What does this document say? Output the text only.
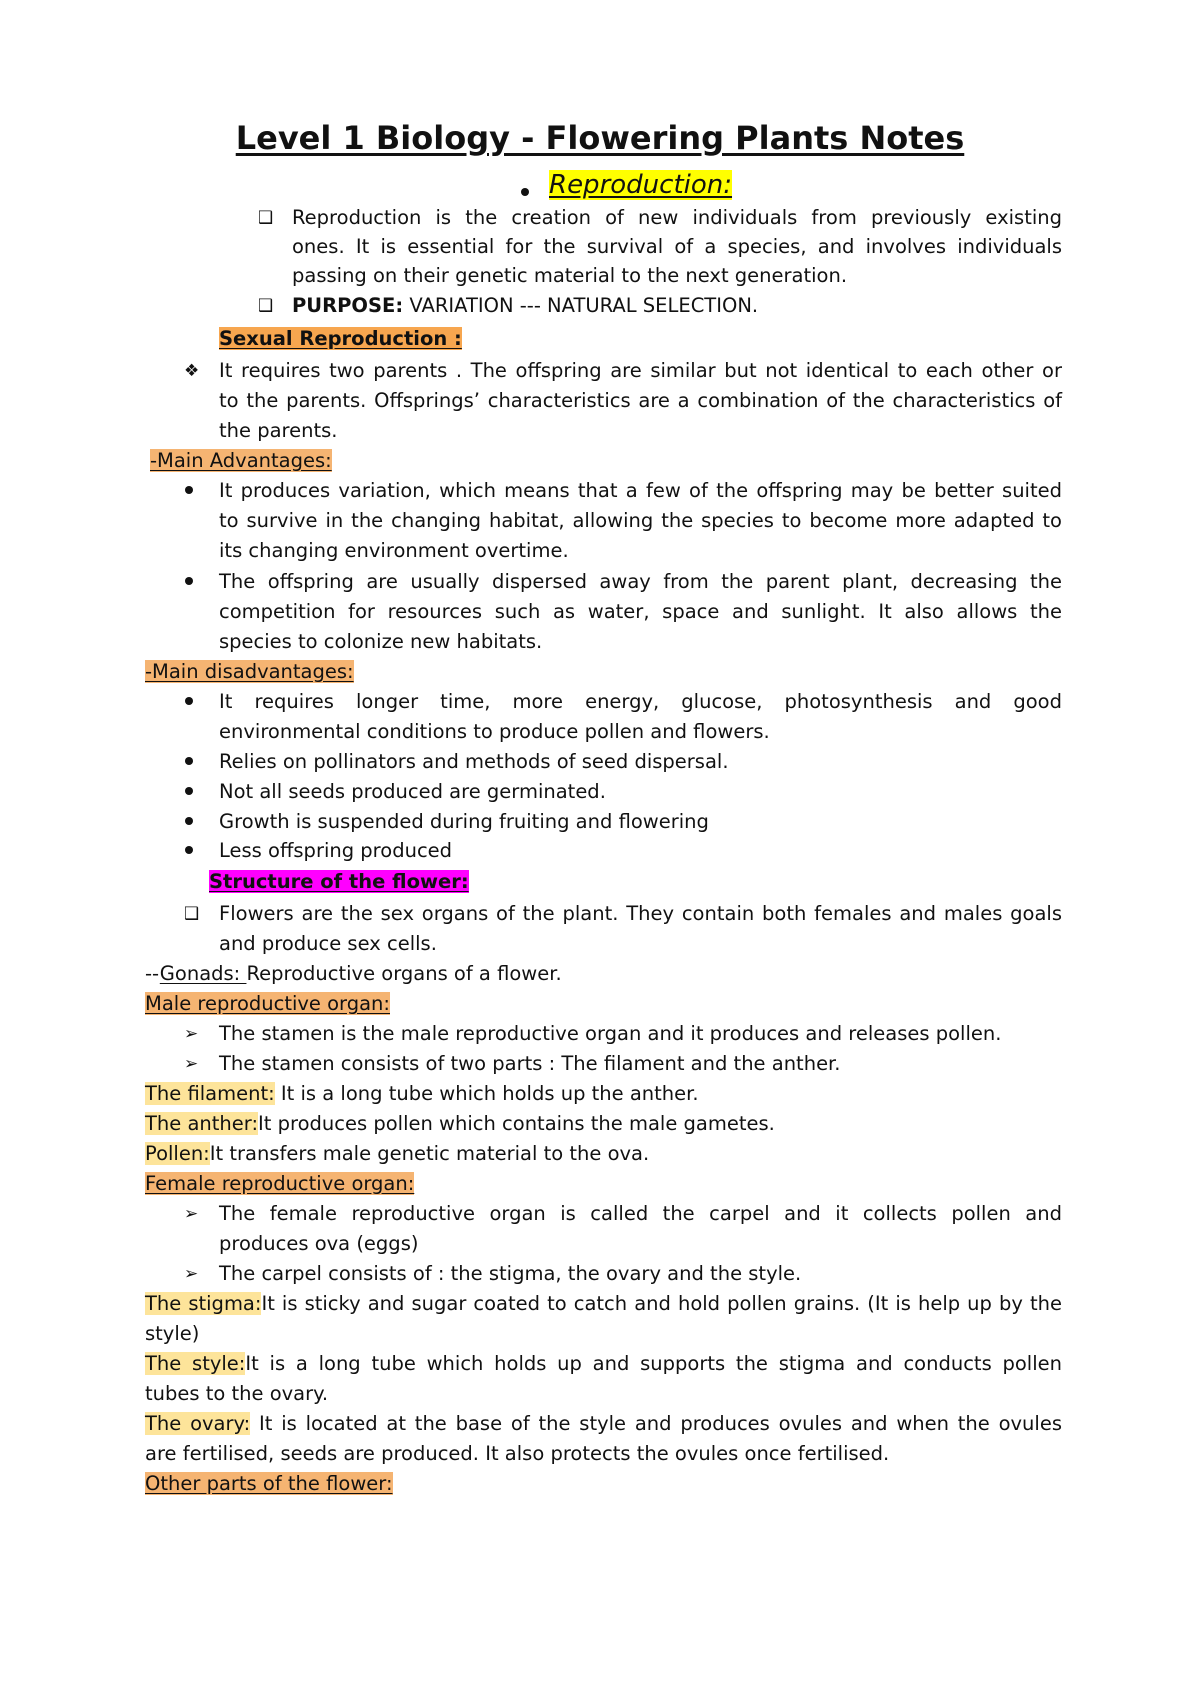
Level 1 Biology - Flowering Plants Notes
Reproduction:
❑ Reproduction is the creation of new individuals from previously existing
ones. It is essential for the survival of a species, and involves individuals
passing on their genetic material to the next generation.
❑ PURPOSE: VARIATION --- NATURAL SELECTION.
Sexual Reproduction :
❖ It requires two parents . The offspring are similar but not identical to each other or
to the parents. Offsprings’ characteristics are a combination of the characteristics of
the parents.
-Main Advantages:
It produces variation, which means that a few of the offspring may be better suited
to survive in the changing habitat, allowing the species to become more adapted to
its changing environment overtime.
The offspring are usually dispersed away from the parent plant, decreasing the
competition for resources such as water, space and sunlight. It also allows the
species to colonize new habitats.
-Main disadvantages:
It requires longer time, more energy, glucose, photosynthesis and good
environmental conditions to produce pollen and flowers.
Relies on pollinators and methods of seed dispersal.
Not all seeds produced are germinated.
Growth is suspended during fruiting and flowering
Less offspring produced
Structure of the flower:
❑ Flowers are the sex organs of the plant. They contain both females and males goals
and produce sex cells.
--Gonads: Reproductive organs of a flower.
Male reproductive organ:
➢ The stamen is the male reproductive organ and it produces and releases pollen.
➢ The stamen consists of two parts : The filament and the anther.
The filament: It is a long tube which holds up the anther.
The anther:It produces pollen which contains the male gametes.
Pollen:It transfers male genetic material to the ova.
Female reproductive organ:
➢ The female reproductive organ is called the carpel and it collects pollen and
produces ova (eggs)
➢ The carpel consists of : the stigma, the ovary and the style.
The stigma:It is sticky and sugar coated to catch and hold pollen grains. (It is help up by the
style)
The style:It is a long tube which holds up and supports the stigma and conducts pollen
tubes to the ovary.
The ovary: It is located at the base of the style and produces ovules and when the ovules
are fertilised, seeds are produced. It also protects the ovules once fertilised.
Other parts of the flower:
